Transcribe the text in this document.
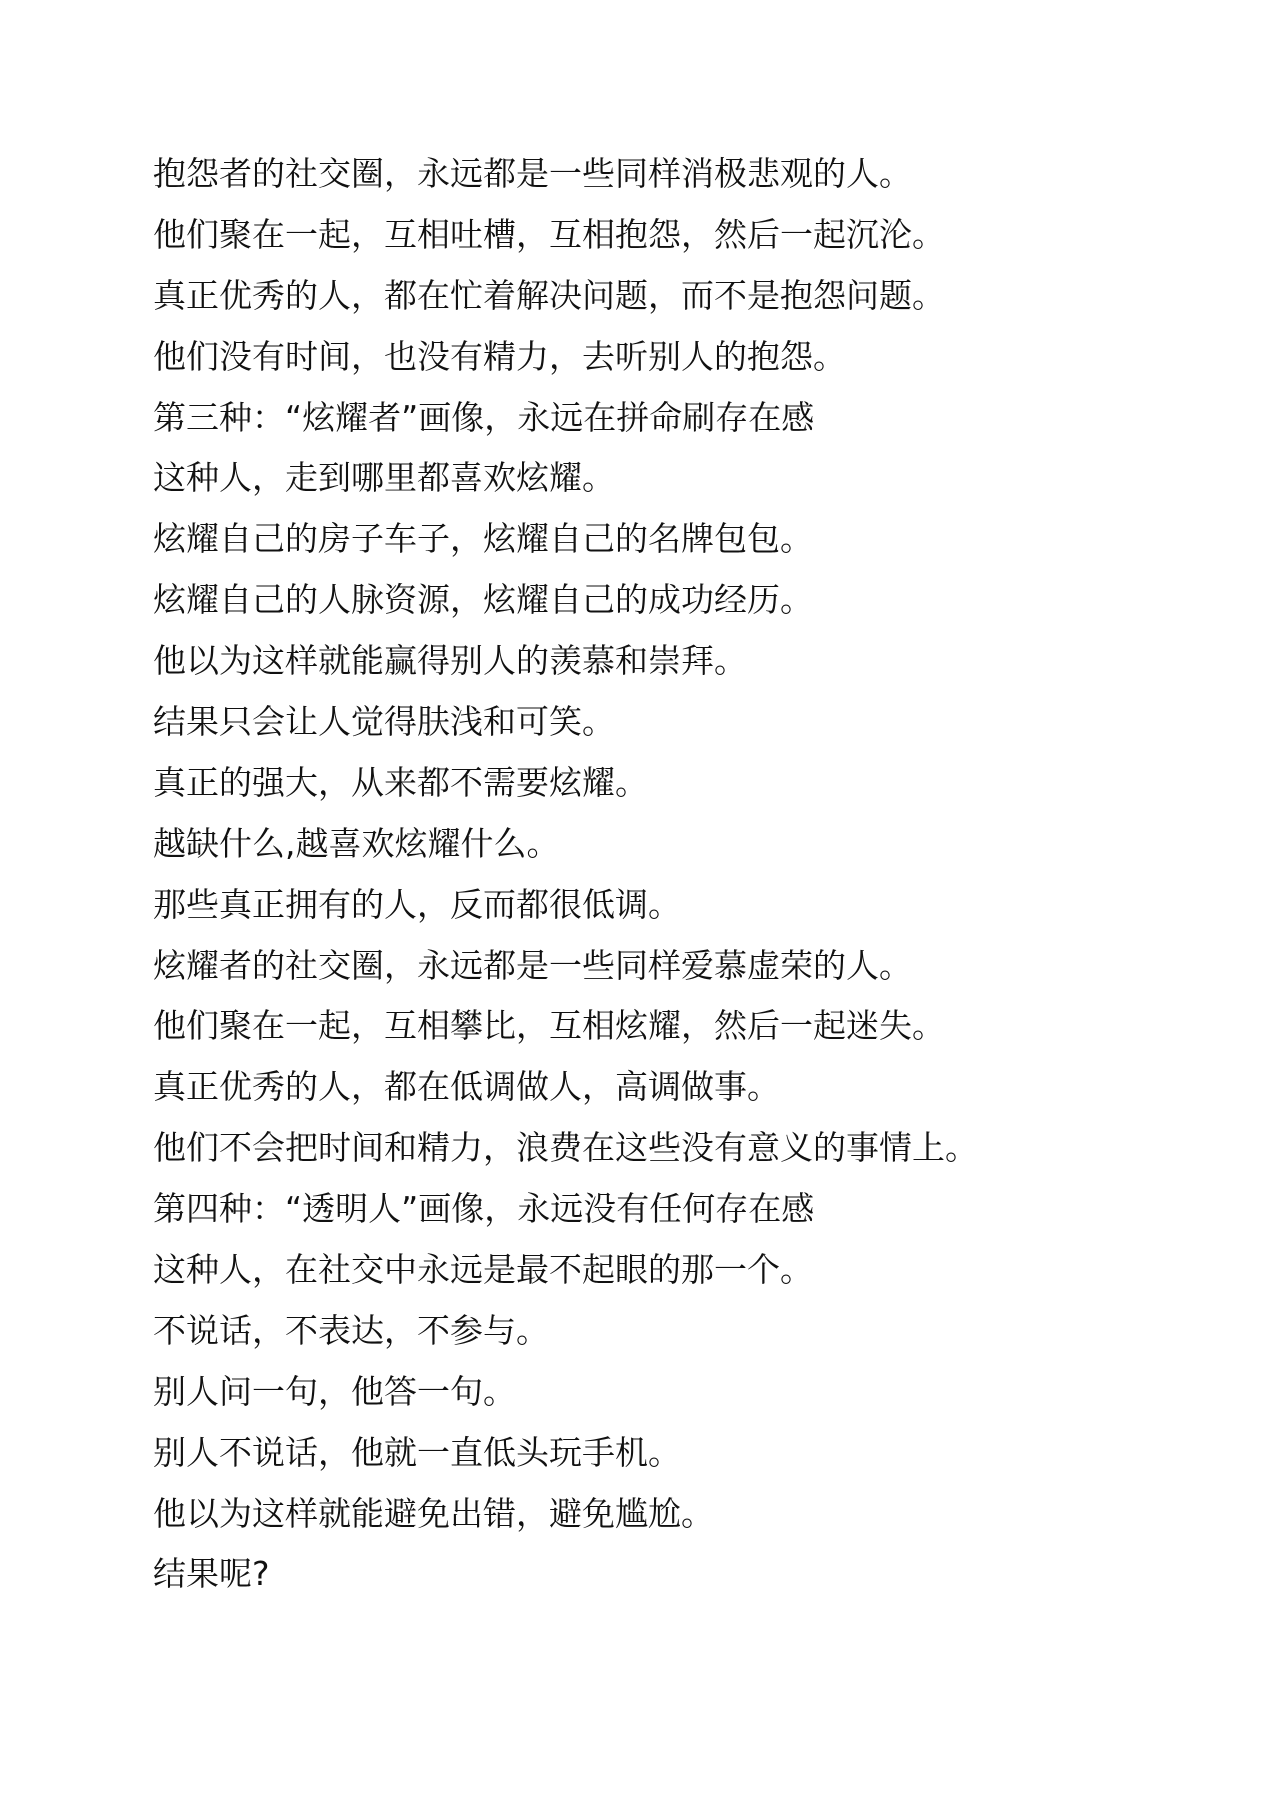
抱怨者的社交圈，永远都是一些同样消极悲观的人。
他们聚在一起，互相吐槽，互相抱怨，然后一起沉沦。
真正优秀的人，都在忙着解决问题，而不是抱怨问题。
他们没有时间，也没有精力，去听别人的抱怨。
第三种：“炫耀者”画像，永远在拼命刷存在感
这种人，走到哪里都喜欢炫耀。
炫耀自己的房子车子，炫耀自己的名牌包包。
炫耀自己的人脉资源，炫耀自己的成功经历。
他以为这样就能赢得别人的羡慕和崇拜。
结果只会让人觉得肤浅和可笑。
真正的强大，从来都不需要炫耀。
越缺什么,越喜欢炫耀什么。
那些真正拥有的人，反而都很低调。
炫耀者的社交圈，永远都是一些同样爱慕虚荣的人。
他们聚在一起，互相攀比，互相炫耀，然后一起迷失。
真正优秀的人，都在低调做人，高调做事。
他们不会把时间和精力，浪费在这些没有意义的事情上。
第四种：“透明人”画像，永远没有任何存在感
这种人，在社交中永远是最不起眼的那一个。
不说话，不表达，不参与。
别人问一句，他答一句。
别人不说话，他就一直低头玩手机。
他以为这样就能避免出错，避免尴尬。
结果呢?
